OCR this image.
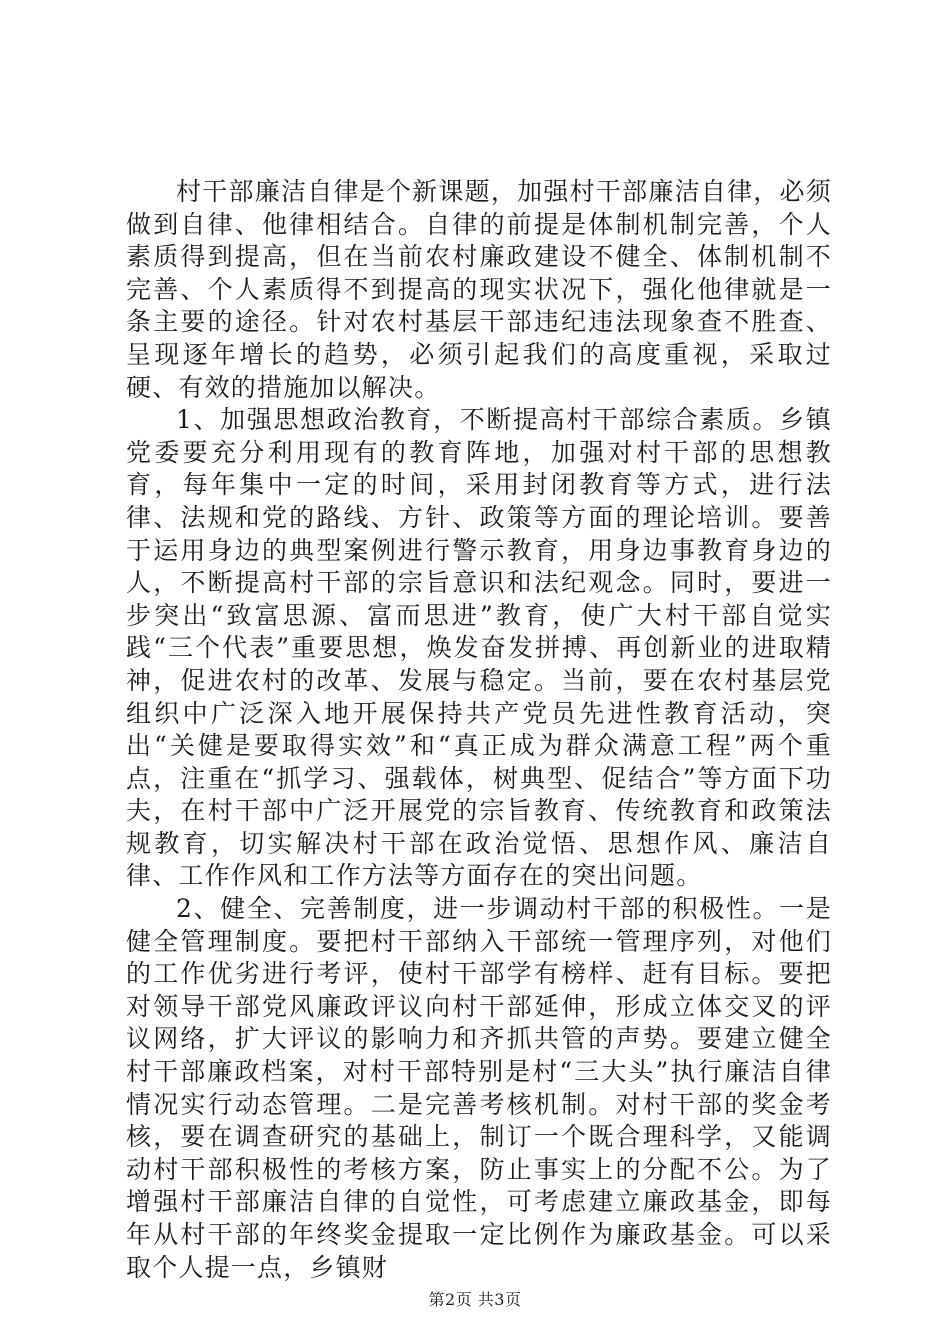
村干部廉洁自律是个新课题，加强村干部廉洁自律，必须做到自律、他律相结合。自律的前提是体制机制完善，个人素质得到提高，但在当前农村廉政建设不健全、体制机制不完善、个人素质得不到提高的现实状况下，强化他律就是一条主要的途径。针对农村基层干部违纪违法现象查不胜查、呈现逐年增长的趋势，必须引起我们的高度重视，采取过硬、有效的措施加以解决。

1、加强思想政治教育，不断提高村干部综合素质。乡镇党委要充分利用现有的教育阵地，加强对村干部的思想教育，每年集中一定的时间，采用封闭教育等方式，进行法律、法规和党的路线、方针、政策等方面的理论培训。要善于运用身边的典型案例进行警示教育，用身边事教育身边的人，不断提高村干部的宗旨意识和法纪观念。同时，要进一步突出“致富思源、富而思进”教育，使广大村干部自觉实践“三个代表”重要思想，焕发奋发拼搏、再创新业的进取精神，促进农村的改革、发展与稳定。当前，要在农村基层党组织中广泛深入地开展保持共产党员先进性教育活动，突出“关健是要取得实效”和“真正成为群众满意工程”两个重点，注重在“抓学习、强载体，树典型、促结合”等方面下功夫，在村干部中广泛开展党的宗旨教育、传统教育和政策法规教育，切实解决村干部在政治觉悟、思想作风、廉洁自律、工作作风和工作方法等方面存在的突出问题。

2、健全、完善制度，进一步调动村干部的积极性。一是健全管理制度。要把村干部纳入干部统一管理序列，对他们的工作优劣进行考评，使村干部学有榜样、赶有目标。要把对领导干部党风廉政评议向村干部延伸，形成立体交叉的评议网络，扩大评议的影响力和齐抓共管的声势。要建立健全村干部廉政档案，对村干部特别是村“三大头”执行廉洁自律情况实行动态管理。二是完善考核机制。对村干部的奖金考核，要在调查研究的基础上，制订一个既合理科学，又能调动村干部积极性的考核方案，防止事实上的分配不公。为了增强村干部廉洁自律的自觉性，可考虑建立廉政基金，即每年从村干部的年终奖金提取一定比例作为廉政基金。可以采取个人提一点，乡镇财

第2页 共3页
